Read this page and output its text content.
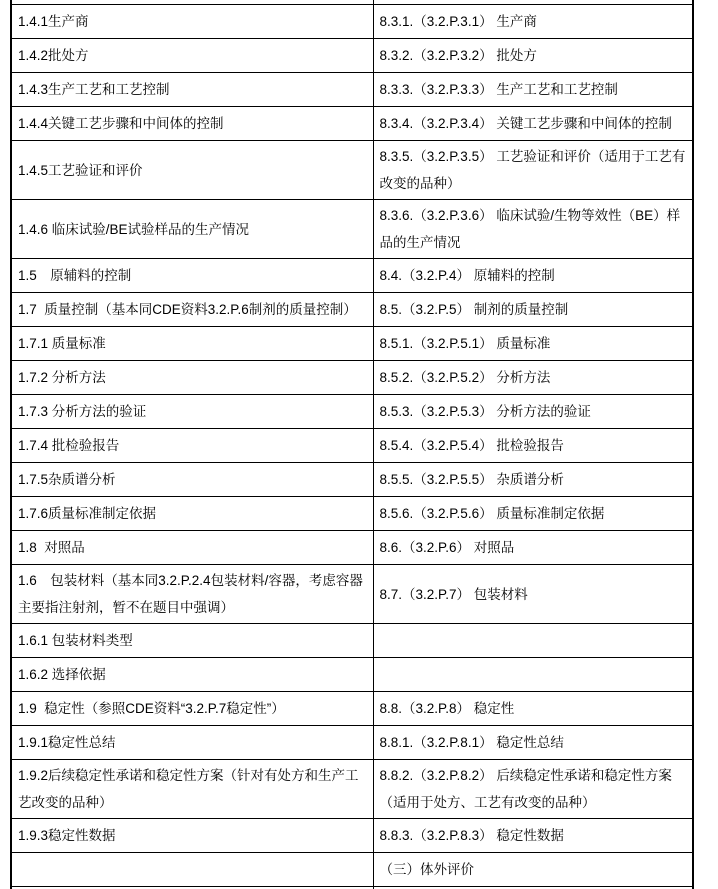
1.4.1生产商	8.3.1.（3.2.P.3.1） 生产商
1.4.2批处方	8.3.2.（3.2.P.3.2） 批处方
1.4.3生产工艺和工艺控制	8.3.3.（3.2.P.3.3） 生产工艺和工艺控制
1.4.4关键工艺步骤和中间体的控制	8.3.4.（3.2.P.3.4） 关键工艺步骤和中间体的控制
1.4.5工艺验证和评价	8.3.5.（3.2.P.3.5） 工艺验证和评价（适用于工艺有改变的品种）
1.4.6 临床试验/BE试验样品的生产情况	8.3.6.（3.2.P.3.6） 临床试验/生物等效性（BE）样品的生产情况
1.5　原辅料的控制	8.4.（3.2.P.4） 原辅料的控制
1.7  质量控制（基本同CDE资料3.2.P.6制剂的质量控制）	8.5.（3.2.P.5） 制剂的质量控制
1.7.1 质量标准	8.5.1.（3.2.P.5.1） 质量标准
1.7.2 分析方法	8.5.2.（3.2.P.5.2） 分析方法
1.7.3 分析方法的验证	8.5.3.（3.2.P.5.3） 分析方法的验证
1.7.4 批检验报告	8.5.4.（3.2.P.5.4） 批检验报告
1.7.5杂质谱分析	8.5.5.（3.2.P.5.5） 杂质谱分析
1.7.6质量标准制定依据	8.5.6.（3.2.P.5.6） 质量标准制定依据
1.8  对照品	8.6.（3.2.P.6） 对照品
1.6　包装材料（基本同3.2.P.2.4包装材料/容器，考虑容器主要指注射剂，暂不在题目中强调）	8.7.（3.2.P.7） 包装材料
1.6.1 包装材料类型	
1.6.2 选择依据	
1.9  稳定性（参照CDE资料“3.2.P.7稳定性”）	8.8.（3.2.P.8） 稳定性
1.9.1稳定性总结	8.8.1.（3.2.P.8.1） 稳定性总结
1.9.2后续稳定性承诺和稳定性方案（针对有处方和生产工艺改变的品种）	8.8.2.（3.2.P.8.2） 后续稳定性承诺和稳定性方案 （适用于处方、工艺有改变的品种）
1.9.3稳定性数据	8.8.3.（3.2.P.8.3） 稳定性数据
	（三）体外评价
